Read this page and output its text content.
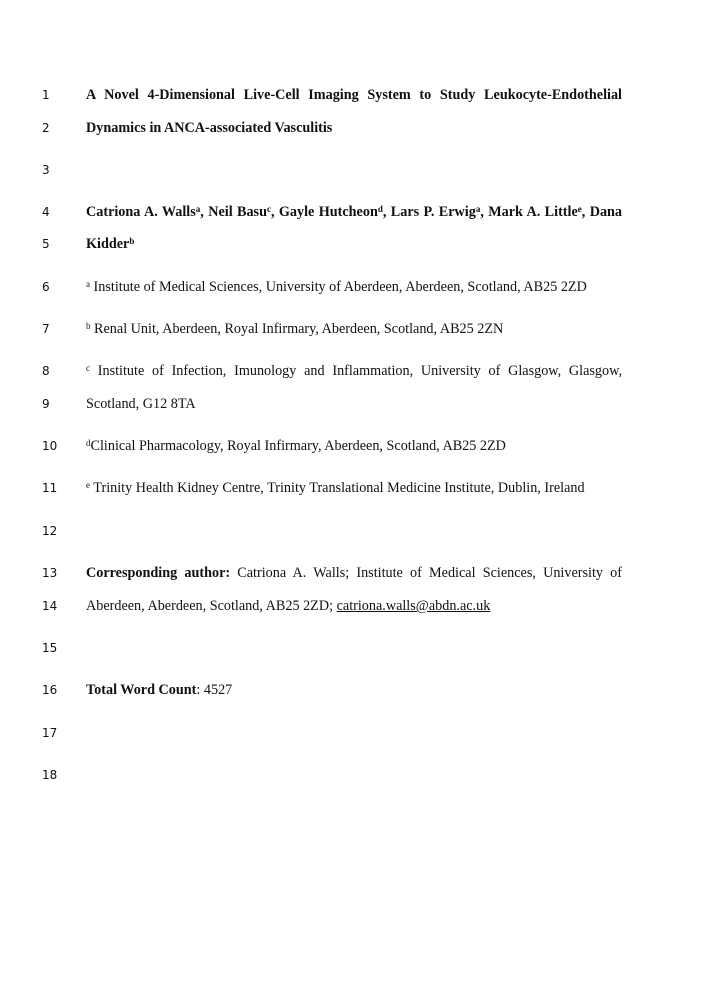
1	A Novel 4-Dimensional Live-Cell Imaging System to Study Leukocyte-Endothelial
2	Dynamics in ANCA-associated Vasculitis
3
4	Catriona A. Walls$^a$, Neil Basu$^c$, Gayle Hutcheon$^d$, Lars P. Erwig$^a$, Mark A. Little$^e$, Dana
5	Kidder$^b$
6	$^a$ Institute of Medical Sciences, University of Aberdeen, Aberdeen, Scotland, AB25 2ZD
7	$^b$ Renal Unit, Aberdeen, Royal Infirmary, Aberdeen, Scotland, AB25 2ZN
8	$^c$ Institute of Infection, Imunology and Inflammation, University of Glasgow, Glasgow,
9	Scotland, G12 8TA
10	$^d$Clinical Pharmacology, Royal Infirmary, Aberdeen, Scotland, AB25 2ZD
11	$^e$ Trinity Health Kidney Centre, Trinity Translational Medicine Institute, Dublin, Ireland
12
13	Corresponding author: Catriona A. Walls; Institute of Medical Sciences, University of
14	Aberdeen, Aberdeen, Scotland, AB25 2ZD; catriona.walls@abdn.ac.uk
15
16	Total Word Count: 4527
17
18
